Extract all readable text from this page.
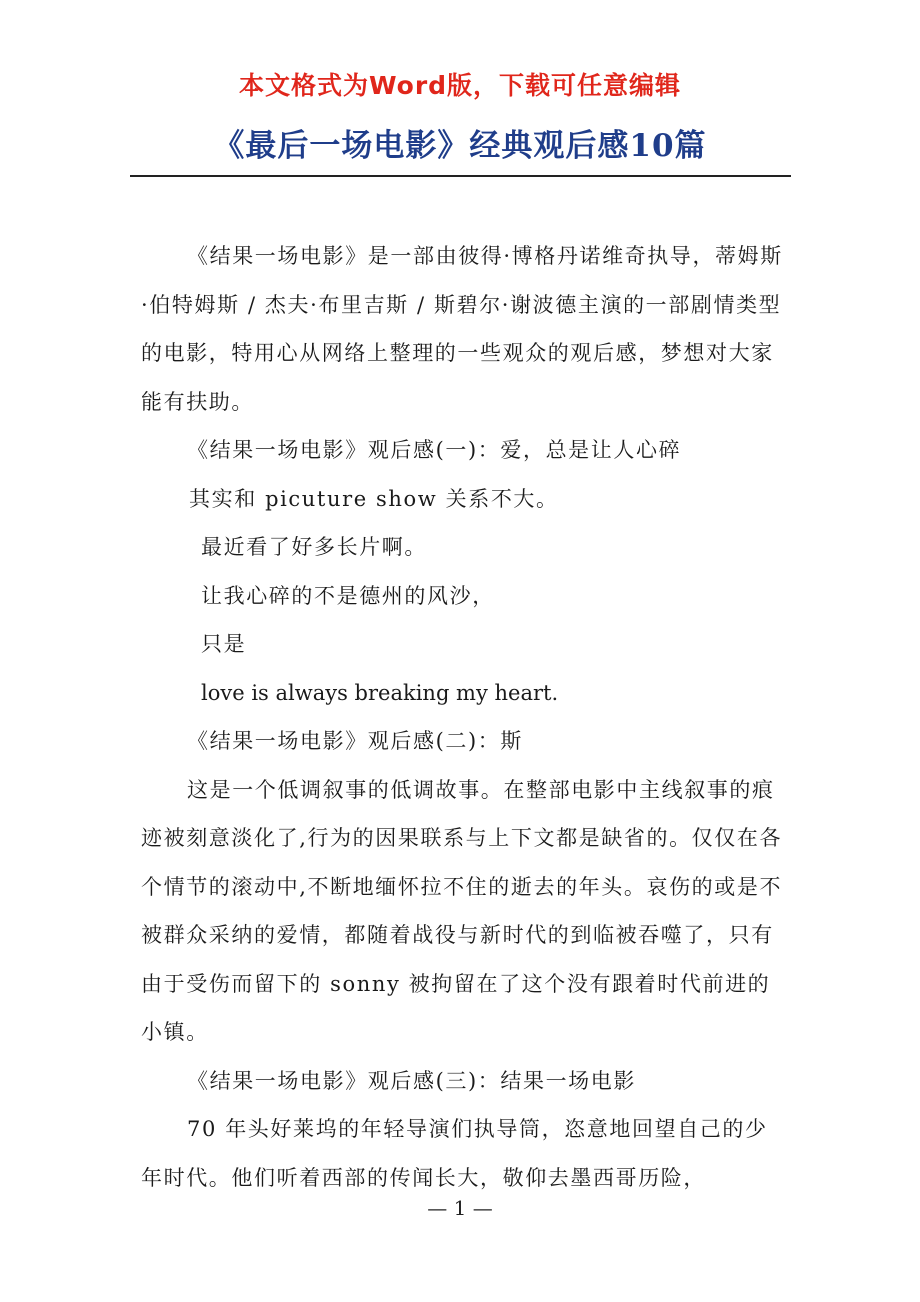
本文格式为Word版，下载可任意编辑
《最后一场电影》经典观后感10篇

《结果一场电影》是一部由彼得·博格丹诺维奇执导，蒂姆斯·伯特姆斯 / 杰夫·布里吉斯 / 斯碧尔·谢波德主演的一部剧情类型的电影，特用心从网络上整理的一些观众的观后感，梦想对大家能有扶助。

《结果一场电影》观后感(一)：爱，总是让人心碎

其实和 picuture show 关系不大。

最近看了好多长片啊。

让我心碎的不是德州的风沙，

只是

love is always breaking my heart.

《结果一场电影》观后感(二)：斯

这是一个低调叙事的低调故事。在整部电影中主线叙事的痕迹被刻意淡化了,行为的因果联系与上下文都是缺省的。仅仅在各个情节的滚动中,不断地缅怀拉不住的逝去的年头。哀伤的或是不被群众采纳的爱情，都随着战役与新时代的到临被吞噬了，只有由于受伤而留下的 sonny 被拘留在了这个没有跟着时代前进的小镇。

《结果一场电影》观后感(三)：结果一场电影

70 年头好莱坞的年轻导演们执导筒，恣意地回望自己的少年时代。他们听着西部的传闻长大，敬仰去墨西哥历险，

— 1 —
